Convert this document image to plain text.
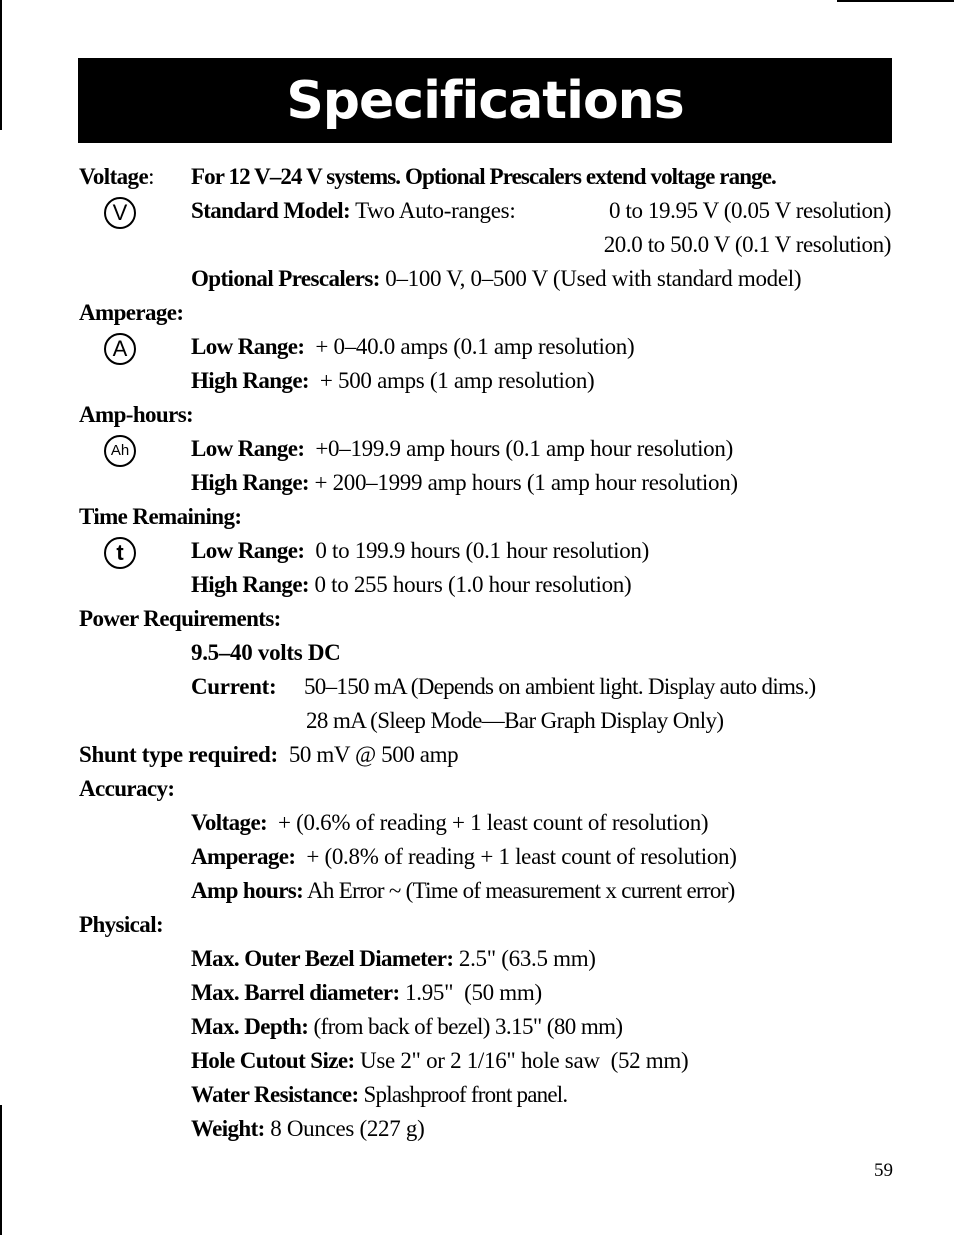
Specifications
Voltage: For 12 V–24 V systems. Optional Prescalers extend voltage range.
V	Standard Model: Two Auto-ranges:	0 to 19.95 V (0.05 V resolution)
20.0 to 50.0 V (0.1 V resolution)
Optional Prescalers: 0–100 V, 0–500 V (Used with standard model)
Amperage:
A	Low Range: + 0–40.0 amps (0.1 amp resolution)
High Range: + 500 amps (1 amp resolution)
Amp-hours:
Ah	Low Range: +0–199.9 amp hours (0.1 amp hour resolution)
High Range: + 200–1999 amp hours (1 amp hour resolution)
Time Remaining:
t	Low Range: 0 to 199.9 hours (0.1 hour resolution)
High Range: 0 to 255 hours (1.0 hour resolution)
Power Requirements:
9.5–40 volts DC
Current: 50–150 mA (Depends on ambient light. Display auto dims.)
28 mA (Sleep Mode—Bar Graph Display Only)
Shunt type required: 50 mV @ 500 amp
Accuracy:
Voltage: + (0.6% of reading + 1 least count of resolution)
Amperage: + (0.8% of reading + 1 least count of resolution)
Amp hours: Ah Error ~ (Time of measurement x current error)
Physical:
Max. Outer Bezel Diameter: 2.5" (63.5 mm)
Max. Barrel diameter: 1.95"  (50 mm)
Max. Depth: (from back of bezel) 3.15" (80 mm)
Hole Cutout Size: Use 2" or 2 1/16" hole saw  (52 mm)
Water Resistance: Splashproof front panel.
Weight: 8 Ounces (227 g)
59
